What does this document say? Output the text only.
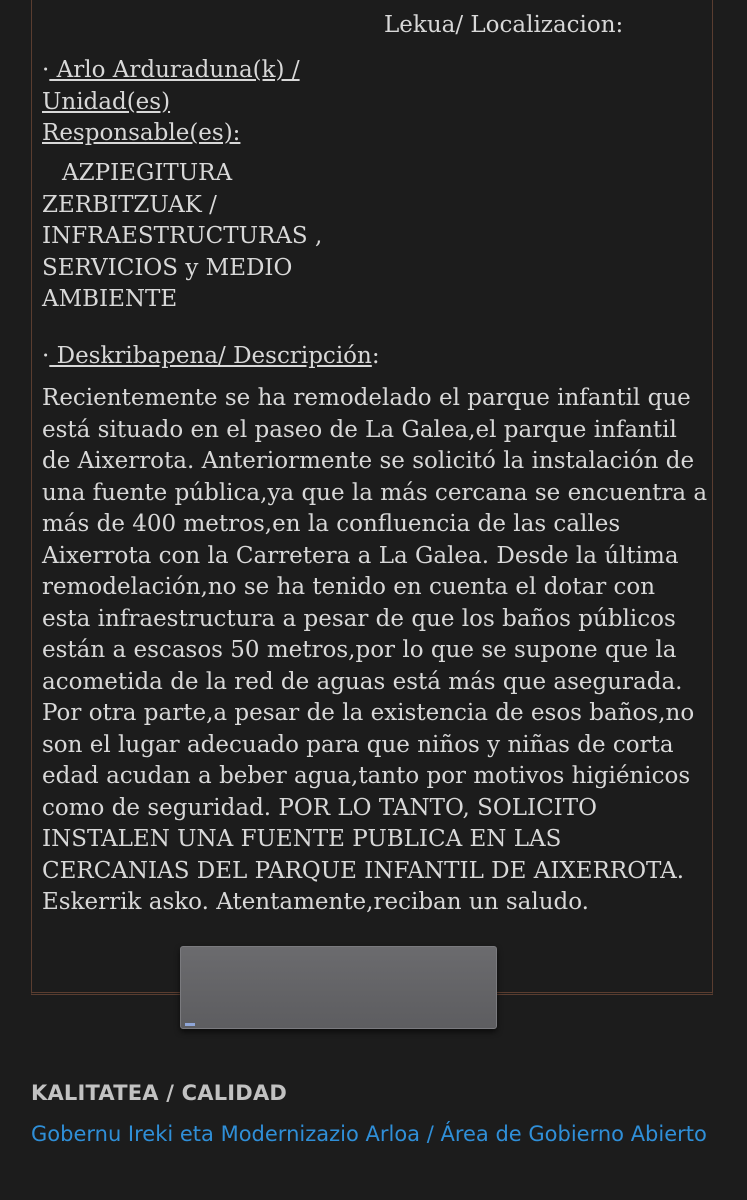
Lekua/ Localizacion:
· Arlo Arduraduna(k) / Unidad(es) Responsable(es):
AZPIEGITURA ZERBITZUAK / INFRAESTRUCTURAS , SERVICIOS y MEDIO AMBIENTE
· Deskribapena/ Descripción:
Recientemente se ha remodelado el parque infantil que está situado en el paseo de La Galea,el parque infantil de Aixerrota. Anteriormente se solicitó la instalación de una fuente pública,ya que la más cercana se encuentra a más de 400 metros,en la confluencia de las calles Aixerrota con la Carretera a La Galea. Desde la última remodelación,no se ha tenido en cuenta el dotar con esta infraestructura a pesar de que los baños públicos están a escasos 50 metros,por lo que se supone que la acometida de la red de aguas está más que asegurada. Por otra parte,a pesar de la existencia de esos baños,no son el lugar adecuado para que niños y niñas de corta edad acudan a beber agua,tanto por motivos higiénicos como de seguridad. POR LO TANTO, SOLICITO INSTALEN UNA FUENTE PUBLICA EN LAS CERCANIAS DEL PARQUE INFANTIL DE AIXERROTA. Eskerrik asko. Atentamente,reciban un saludo.
KALITATEA / CALIDAD
Gobernu Ireki eta Modernizazio Arloa / Área de Gobierno Abierto
